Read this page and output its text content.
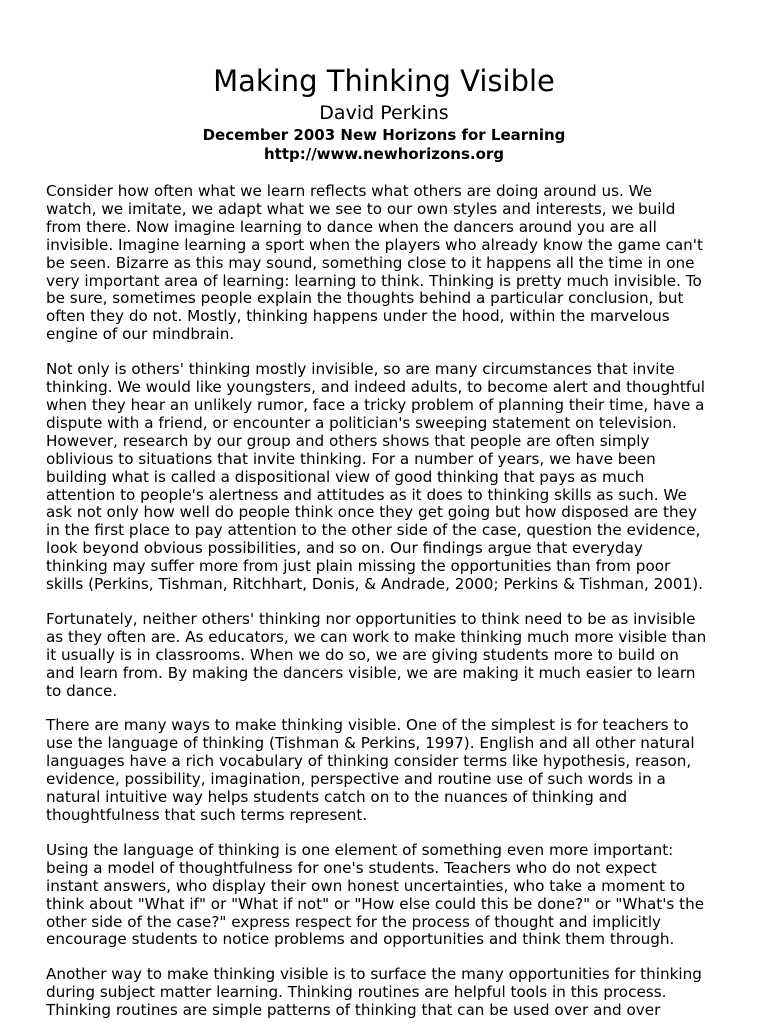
Making Thinking Visible
David Perkins
December 2003 New Horizons for Learning
http://www.newhorizons.org

Consider how often what we learn reflects what others are doing around us. We
watch, we imitate, we adapt what we see to our own styles and interests, we build
from there. Now imagine learning to dance when the dancers around you are all
invisible. Imagine learning a sport when the players who already know the game can't
be seen. Bizarre as this may sound, something close to it happens all the time in one
very important area of learning: learning to think. Thinking is pretty much invisible. To
be sure, sometimes people explain the thoughts behind a particular conclusion, but
often they do not. Mostly, thinking happens under the hood, within the marvelous
engine of our mindbrain.

Not only is others' thinking mostly invisible, so are many circumstances that invite
thinking. We would like youngsters, and indeed adults, to become alert and thoughtful
when they hear an unlikely rumor, face a tricky problem of planning their time, have a
dispute with a friend, or encounter a politician's sweeping statement on television.
However, research by our group and others shows that people are often simply
oblivious to situations that invite thinking. For a number of years, we have been
building what is called a dispositional view of good thinking that pays as much
attention to people's alertness and attitudes as it does to thinking skills as such. We
ask not only how well do people think once they get going but how disposed are they
in the first place to pay attention to the other side of the case, question the evidence,
look beyond obvious possibilities, and so on. Our findings argue that everyday
thinking may suffer more from just plain missing the opportunities than from poor
skills (Perkins, Tishman, Ritchhart, Donis, & Andrade, 2000; Perkins & Tishman, 2001).

Fortunately, neither others' thinking nor opportunities to think need to be as invisible
as they often are. As educators, we can work to make thinking much more visible than
it usually is in classrooms. When we do so, we are giving students more to build on
and learn from. By making the dancers visible, we are making it much easier to learn
to dance.

There are many ways to make thinking visible. One of the simplest is for teachers to
use the language of thinking (Tishman & Perkins, 1997). English and all other natural
languages have a rich vocabulary of thinking consider terms like hypothesis, reason,
evidence, possibility, imagination, perspective and routine use of such words in a
natural intuitive way helps students catch on to the nuances of thinking and
thoughtfulness that such terms represent.

Using the language of thinking is one element of something even more important:
being a model of thoughtfulness for one's students. Teachers who do not expect
instant answers, who display their own honest uncertainties, who take a moment to
think about "What if" or "What if not" or "How else could this be done?" or "What's the
other side of the case?" express respect for the process of thought and implicitly
encourage students to notice problems and opportunities and think them through.

Another way to make thinking visible is to surface the many opportunities for thinking
during subject matter learning. Thinking routines are helpful tools in this process.
Thinking routines are simple patterns of thinking that can be used over and over
